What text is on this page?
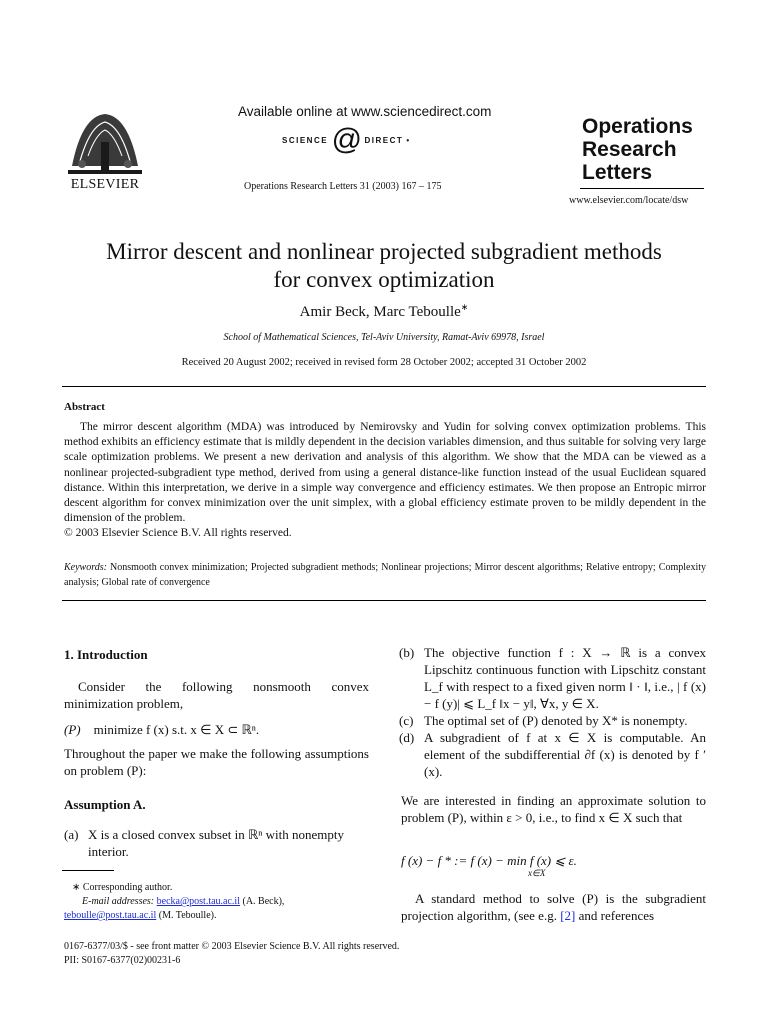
ELSEVIER
Available online at www.sciencedirect.com
SCIENCE @ DIRECT •
Operations Research Letters 31 (2003) 167 – 175
Operations
Research
Letters
www.elsevier.com/locate/dsw
Mirror descent and nonlinear projected subgradient methods
for convex optimization
Amir Beck, Marc Teboulle∗
School of Mathematical Sciences, Tel-Aviv University, Ramat-Aviv 69978, Israel
Received 20 August 2002; received in revised form 28 October 2002; accepted 31 October 2002
Abstract

The mirror descent algorithm (MDA) was introduced by Nemirovsky and Yudin for solving convex optimization problems. This method exhibits an efficiency estimate that is mildly dependent in the decision variables dimension, and thus suitable for solving very large scale optimization problems. We present a new derivation and analysis of this algorithm. We show that the MDA can be viewed as a nonlinear projected-subgradient type method, derived from using a general distance-like function instead of the usual Euclidean squared distance. Within this interpretation, we derive in a simple way convergence and efficiency estimates. We then propose an Entropic mirror descent algorithm for convex minimization over the unit simplex, with a global efficiency estimate proven to be mildly dependent in the dimension of the problem.

© 2003 Elsevier Science B.V. All rights reserved.

Keywords: Nonsmooth convex minimization; Projected subgradient methods; Nonlinear projections; Mirror descent algorithms; Relative entropy; Complexity analysis; Global rate of convergence
1. Introduction

Consider the following nonsmooth convex minimization problem,

(P) minimize f (x) s.t. x ∈ X ⊂ ℝⁿ.

Throughout the paper we make the following assumptions on problem (P):

Assumption A.
(a) X is a closed convex subset in ℝⁿ with nonempty interior.
∗ Corresponding author.
E-mail addresses: becka@post.tau.ac.il (A. Beck),
teboulle@post.tau.ac.il (M. Teboulle).
(b) The objective function f : X → ℝ is a convex Lipschitz continuous function with Lipschitz constant L_f with respect to a fixed given norm ‖ · ‖, i.e., | f (x) − f (y)| ⩽ L_f ‖x − y‖, ∀x, y ∈ X.
(c) The optimal set of (P) denoted by X* is nonempty.
(d) A subgradient of f at x ∈ X is computable. An element of the subdifferential ∂f (x) is denoted by f ′(x).

We are interested in finding an approximate solution to problem (P), within ε > 0, i.e., to find x ∈ X such that

f (x) − f * := f (x) − min f (x) ⩽ ε.
x∈X

A standard method to solve (P) is the subgradient projection algorithm, (see e.g. [2] and references

0167-6377/03/$ - see front matter © 2003 Elsevier Science B.V. All rights reserved.
PII: S0167-6377(02)00231-6
